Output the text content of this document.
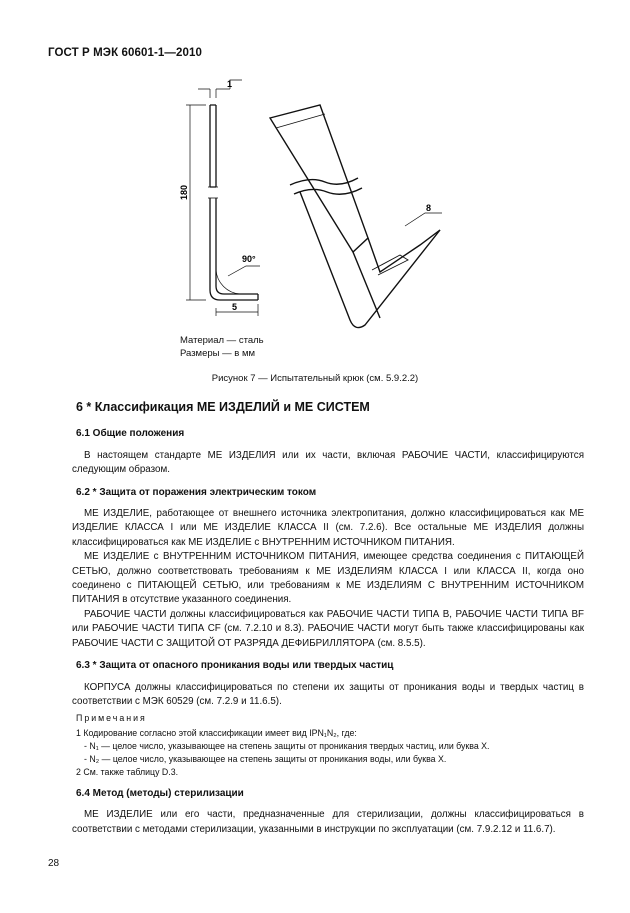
ГОСТ Р МЭК 60601-1—2010
1
180
90°
5
8
Материал — сталь
Размеры — в мм
Рисунок 7 — Испытательный крюк (см. 5.9.2.2)
6 * Классификация МЕ ИЗДЕЛИЙ и МЕ СИСТЕМ
6.1 Общие положения

В настоящем стандарте МЕ ИЗДЕЛИЯ или их части, включая РАБОЧИЕ ЧАСТИ, классифицируются следующим образом.

6.2 * Защита от поражения электрическим током

МЕ ИЗДЕЛИЕ, работающее от внешнего источника электропитания, должно классифицироваться как МЕ ИЗДЕЛИЕ КЛАССА I или МЕ ИЗДЕЛИЕ КЛАССА II (см. 7.2.6). Все остальные МЕ ИЗДЕЛИЯ должны классифицироваться как МЕ ИЗДЕЛИЕ с ВНУТРЕННИМ ИСТОЧНИКОМ ПИТАНИЯ.

МЕ ИЗДЕЛИЕ с ВНУТРЕННИМ ИСТОЧНИКОМ ПИТАНИЯ, имеющее средства соединения с ПИТАЮЩЕЙ СЕТЬЮ, должно соответствовать требованиям к МЕ ИЗДЕЛИЯМ КЛАССА I или КЛАССА II, когда оно соединено с ПИТАЮЩЕЙ СЕТЬЮ, или требованиям к МЕ ИЗДЕЛИЯМ С ВНУТРЕННИМ ИСТОЧНИКОМ ПИТАНИЯ в отсутствие указанного соединения.

РАБОЧИЕ ЧАСТИ должны классифицироваться как РАБОЧИЕ ЧАСТИ ТИПА B, РАБОЧИЕ ЧАСТИ ТИПА BF или РАБОЧИЕ ЧАСТИ ТИПА CF (см. 7.2.10 и 8.3). РАБОЧИЕ ЧАСТИ могут быть также классифицированы как РАБОЧИЕ ЧАСТИ С ЗАЩИТОЙ ОТ РАЗРЯДА ДЕФИБРИЛЛЯТОРА (см. 8.5.5).

6.3 * Защита от опасного проникания воды или твердых частиц

КОРПУСА должны классифицироваться по степени их защиты от проникания воды и твердых частиц в соответствии с МЭК 60529 (см. 7.2.9 и 11.6.5).

Примечания
1 Кодирование согласно этой классификации имеет вид IPN₁N₂, где:
- N₁ — целое число, указывающее на степень защиты от проникания твердых частиц, или буква X.
- N₂ — целое число, указывающее на степень защиты от проникания воды, или буква X.
2 См. также таблицу D.3.
6.4 Метод (методы) стерилизации

МЕ ИЗДЕЛИЕ или его части, предназначенные для стерилизации, должны классифицироваться в соответствии с методами стерилизации, указанными в инструкции по эксплуатации (см. 7.9.2.12 и 11.6.7).

28
